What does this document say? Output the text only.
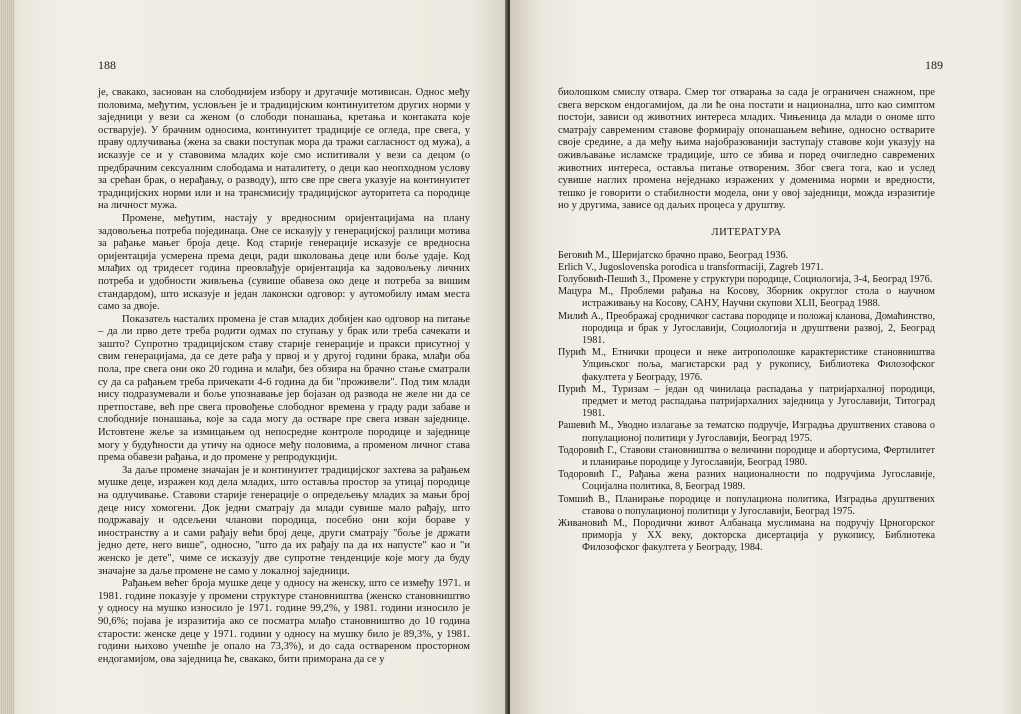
188

је, свакако, заснован на слободнијем избору и другачије мотивисан. Однос међу половима, међутим, условљен је и традицијским континуитетом других норми у заједници у вези са женом (о слободи понашања, кретања и контаката које остварује). У брачним односима, континуитет традиције се огледа, пре свега, у праву одлучивања (жена за сваки поступак мора да тражи сагласност од мужа), а исказује се и у ставовима младих које смо испитивали у вези са децом (о предбрачним сексуалним слободама и наталитету, о деци као неопходном услову за срећан брак, о нерађању, о разводу), што све пре свега указује на континуитет традицијских норми или и на трансмисију традицијског ауторитета са породице на личност мужа.

Промене, међутим, настају у вредносним оријентацијама на плану задовољења потреба појединаца. Оне се исказују у генерацијској разлици мотива за рађање мањег броја деце. Код старије генерације исказује се вредносна оријентација усмерена према деци, ради школовања деце или боље удаје. Код млађих од тридесет година преовлађује оријентација ка задовољењу личних потреба и удобности живљења (сувише обавеза око деце и потреба за вишим стандардом), што исказује и један лаконски одговор: у аутомобилу имам места само за двоје.

Показатељ насталих промена је став младих добијен као одговор на питање – да ли прво дете треба родити одмах по ступању у брак или треба сачекати и зашто? Супротно традицијском ставу старије генерације и пракси присутној у свим генерацијама, да се дете рађа у првој и у другој години брака, млађи оба пола, пре свега они око 20 година и млађи, без обзира на брачно стање сматрали су да са рађањем треба причекати 4-6 година да би "проживели". Под тим млади нису подразумевали и боље упознавање јер бојазан од развода не желе ни да се претпоставе, већ пре свега провођење слободног времена у граду ради забаве и слободније понашања, које за сада могу да остваре пре свега изван заједнице. Истовтене жеље за измицањем од непосредне контроле породице и заједнице могу у будућности да утичу на односе међу половима, а променом личног става према обавези рађања, и до промене у репродукцији.

За даље промене значајан је и континуитет традицијског захтева за рађањем мушке деце, изражен код дела младих, што оставља простор за утицај породице на одлучивање. Ставови старије генерације о опредељењу младих за мањи број деце нису хомогени. Док једни сматрају да млади сувише мало рађају, што подржавају и одсељени чланови породица, посебно они који бораве у иностранству а и сами рађају већи број деце, други сматрају "боље је држати једно дете, него више", односно, "што да их рађају па да их напусте" као и "и женско је дете", чиме се исказују две супротне тенденције које могу да буду значајне за даље промене не само у локалној заједници.

Рађањем већег броја мушке деце у односу на женску, што се између 1971. и 1981. године показује у промени структуре становништва (женско становништво у односу на мушко износило је 1971. године 99,2%, у 1981. години износило је 90,6%; појава је изразитија ако се посматра млађо становништво до 10 година старости: женске деце у 1971. години у односу на мушку било је 89,3%, у 1981. години њихово учешће је опало на 73,3%), и до сада оствареном просторном ендогамијом, ова заједница ће, свакако, бити приморана да се у

189

биолошком смислу отвара. Смер тог отварања за сада је ограничен снажном, пре свега верском ендогамијом, да ли ће она постати и национална, што као симптом постоји, зависи од животних интереса младих. Чињеница да млади о ономе што сматрају савременим ставове формирају опонашањем већине, односно остварите своје средине, а да међу њима најобразованији заступају ставове који указују на оживљавање исламске традиције, што се збива и поред очигледно савремених животних интереса, оставља питање отвореним. Због свега тога, као и услед сувише наглих промена неједнако изражених у доменима норми и вредности, тешко је говорити о стабилности модела, они у овој заједници, можда изразитије но у другима, зависе од даљих процеса у друштву.

ЛИТЕРАТУРА

Беговић М., Шеријатско брачно право, Београд 1936.

Erlich V., Jugoslovenska porodica u transformaciji, Zagreb 1971.

Голубовић-Пешић З., Промене у структури породице, Социологија, 3-4, Београд 1976.

Мацура М., Проблеми рађања на Косову, Зборник округлог стола о научном истраживању на Косову, САНУ, Научни скупови XLII, Београд 1988.

Милић А., Преображај сродничког састава породице и положај кланова, Домаћинство, породица и брак у Југославији, Социологија и друштвени развој, 2, Београд 1981.

Пурић М., Етнички процеси и неке антрополошке карактеристике становништва Улцињског поља, магистарски рад у рукопису, Библиотека Филозофског факултета у Београду, 1976.

Пурић М., Туризам – један од чинилаца распадања у патријархалној породици, предмет и метод распадања патријархалних заједница у Југославији, Титоград 1981.

Рашевић М., Уводно излагање за тематско подручје, Изградња друштвених ставова о популационој политици у Југославији, Београд 1975.

Тодоровић Г., Ставови становништва о величини породице и абортусима, Фертилитет и планирање породице у Југославији, Београд 1980.

Тодоровић Г., Рађања жена разних националности по подручјима Југославије, Социјална политика, 8, Београд 1989.

Томшић В., Планирање породице и популациона политика, Изградња друштвених ставова о популационој политици у Југославији, Београд 1975.

Живановић М., Породични живот Албанаца муслимана на подручју Црногорског приморја у XX веку, докторска дисертација у рукопису, Библиотека Филозофског факултета у Београду, 1984.
